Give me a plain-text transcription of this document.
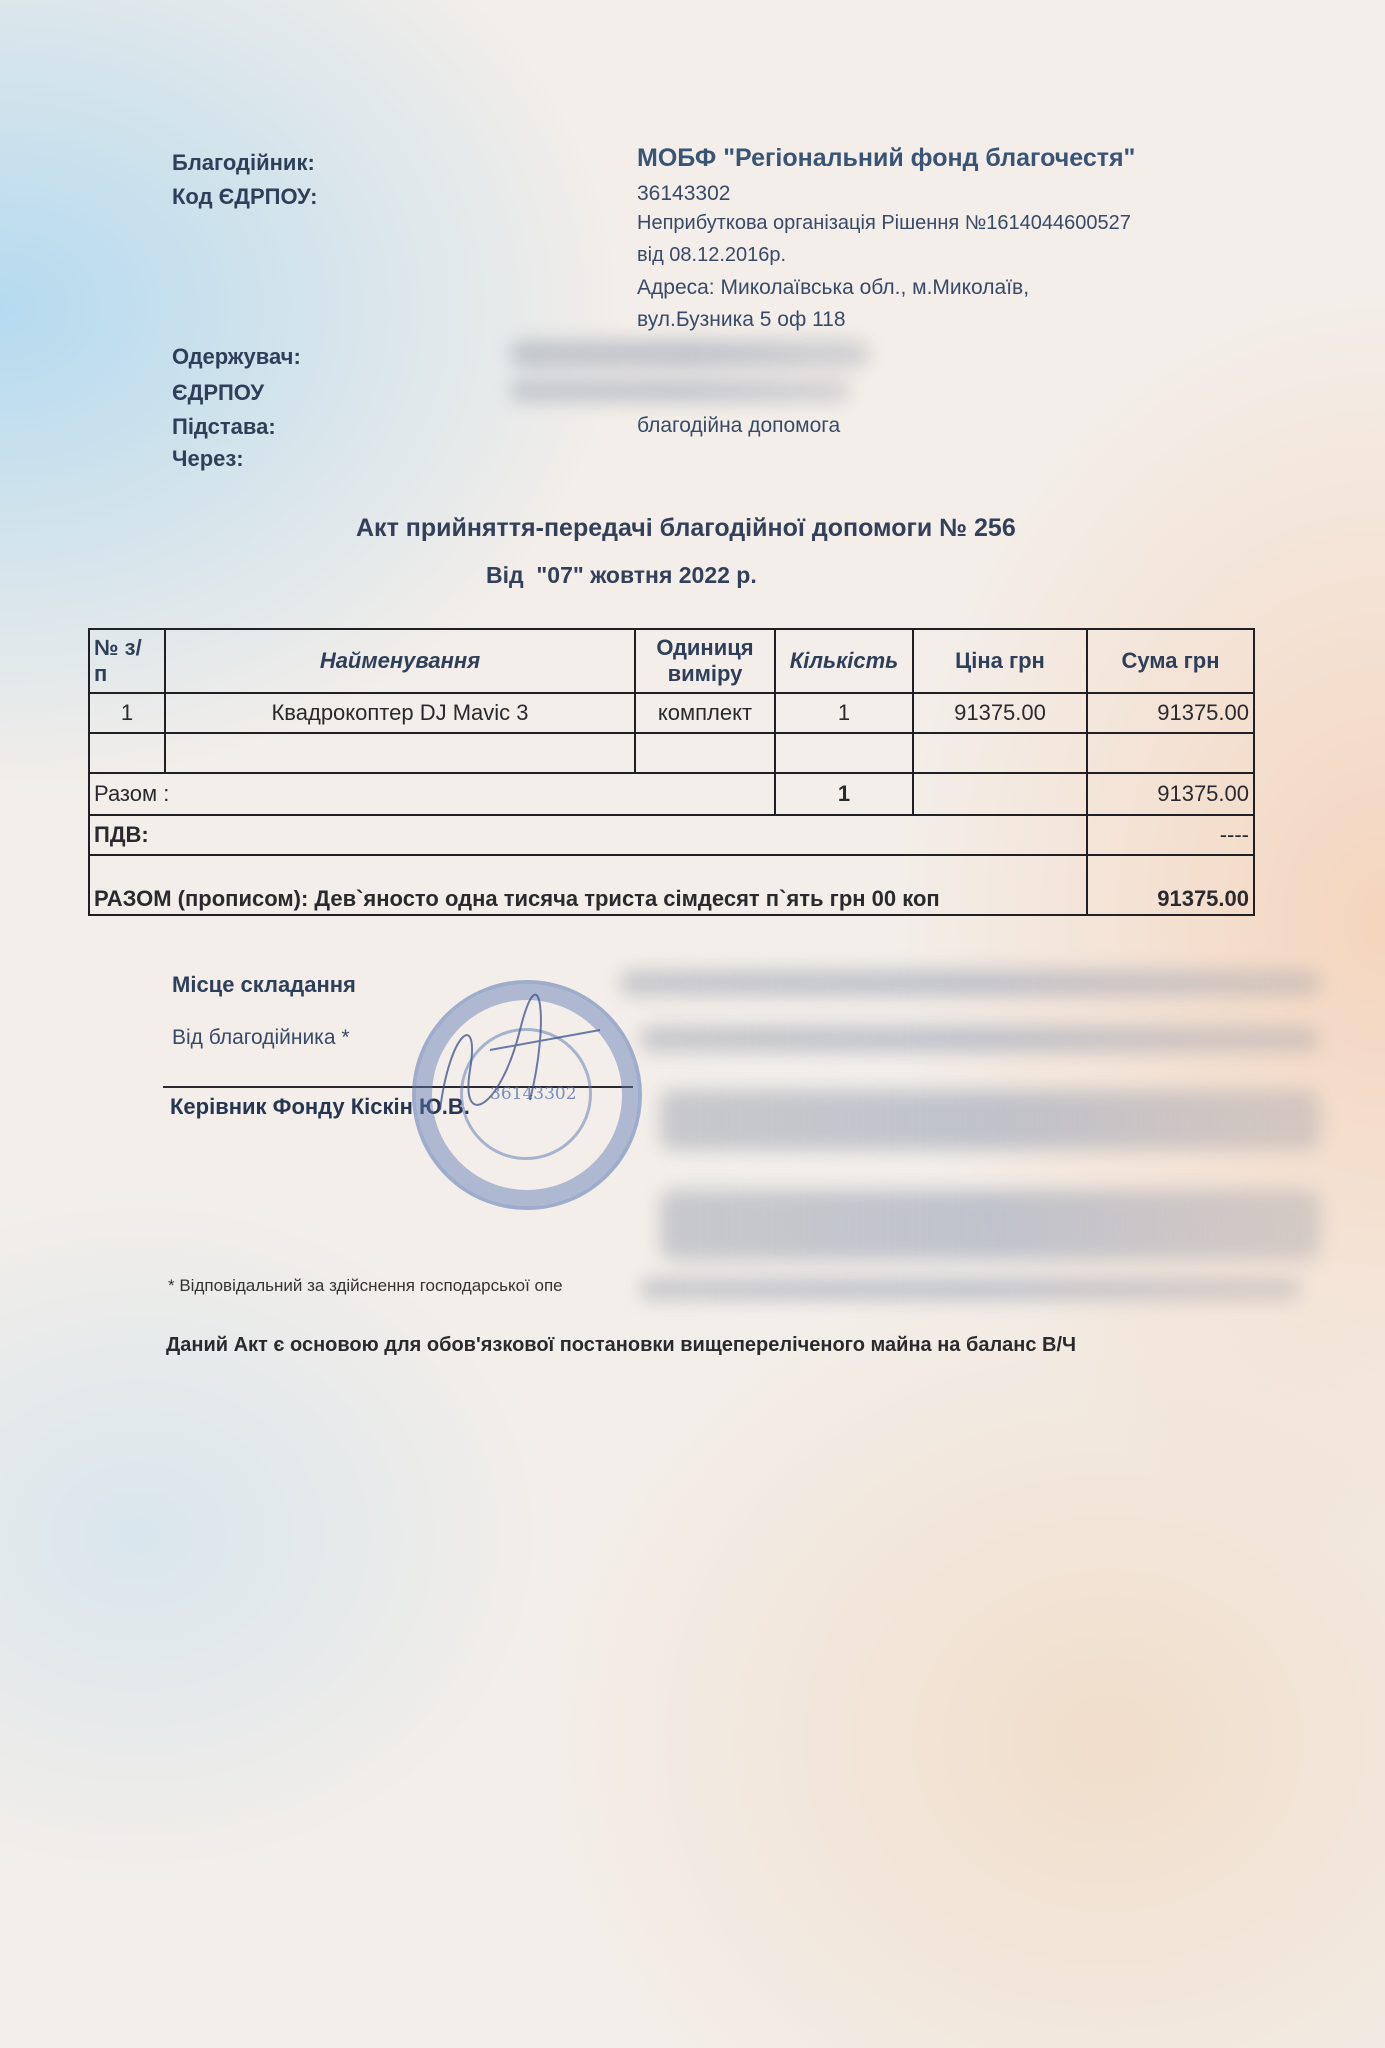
Благодійник:	МОБФ "Регіональний фонд благочестя"
Код ЄДРПОУ:	36143302
Неприбуткова організація Рішення №1614044600527
від 08.12.2016р.
Адреса: Миколаївська обл., м.Миколаїв,
вул.Бузника 5 оф 118
Одержувач:
ЄДРПОУ
Підстава:	благодійна допомога
Через:
Акт прийняття-передачі благодійної допомоги № 256
Від  "07" жовтня 2022 р.
№ з/ п	Найменування	Одиниця виміру	Кількість	Ціна грн	Сума грн
1	Квадрокоптер DJ Mavic 3	комплект	1	91375.00	91375.00

Разом :			1		91375.00
ПДВ:					----
РАЗОМ (прописом): Дев`яносто одна тисяча триста сімдесят п`ять грн 00 коп					91375.00
Місце складання
Від благодійника *
Керівник Фонду Кіскін Ю.В. 36143302
* Відповідальний за здійснення господарської опе
Даний Акт є основою для обов'язкової постановки вищепереліченого майна на баланс В/Ч
